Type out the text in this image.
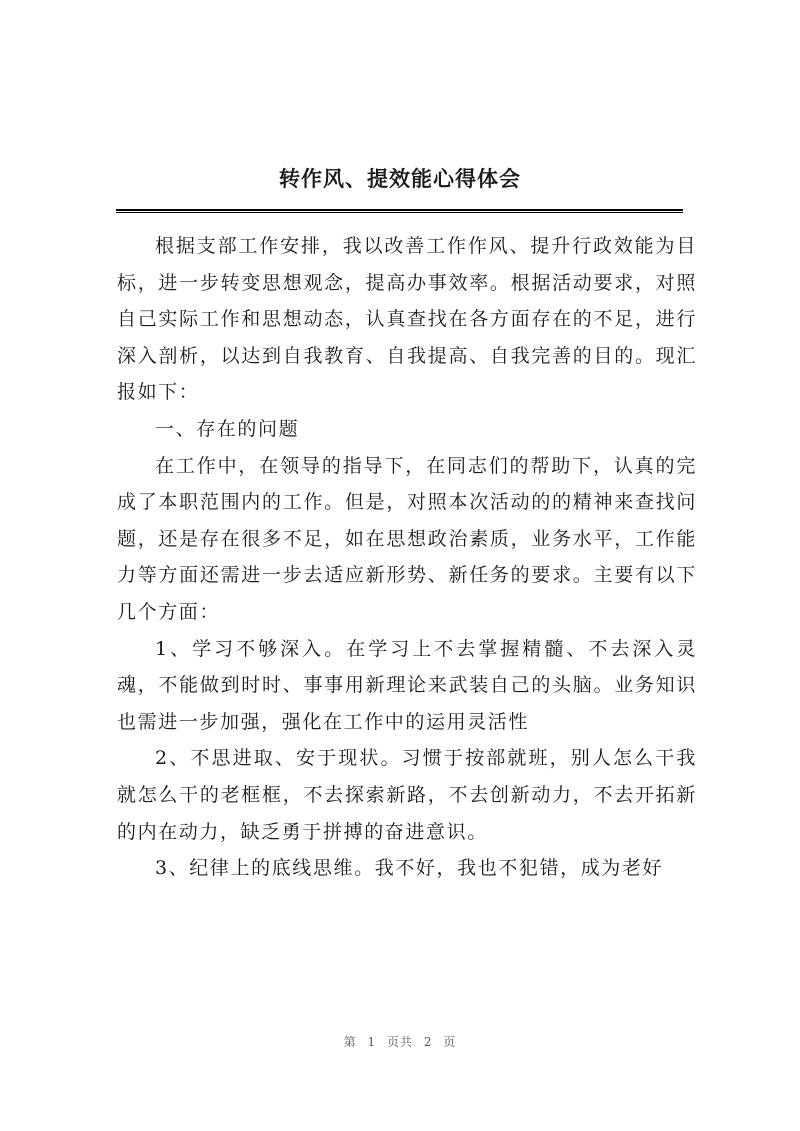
转作风、提效能心得体会

根据支部工作安排，我以改善工作作风、提升行政效能为目标，进一步转变思想观念，提高办事效率。根据活动要求，对照自己实际工作和思想动态，认真查找在各方面存在的不足，进行深入剖析，以达到自我教育、自我提高、自我完善的目的。现汇报如下：

一、存在的问题

在工作中，在领导的指导下，在同志们的帮助下，认真的完成了本职范围内的工作。但是，对照本次活动的的精神来查找问题，还是存在很多不足，如在思想政治素质，业务水平，工作能力等方面还需进一步去适应新形势、新任务的要求。主要有以下几个方面：

1、学习不够深入。在学习上不去掌握精髓、不去深入灵魂，不能做到时时、事事用新理论来武装自己的头脑。业务知识也需进一步加强，强化在工作中的运用灵活性

2、不思进取、安于现状。习惯于按部就班，别人怎么干我就怎么干的老框框，不去探索新路，不去创新动力，不去开拓新的内在动力，缺乏勇于拼搏的奋进意识。

3、纪律上的底线思维。我不好，我也不犯错，成为老好

第 1 页共 2 页
